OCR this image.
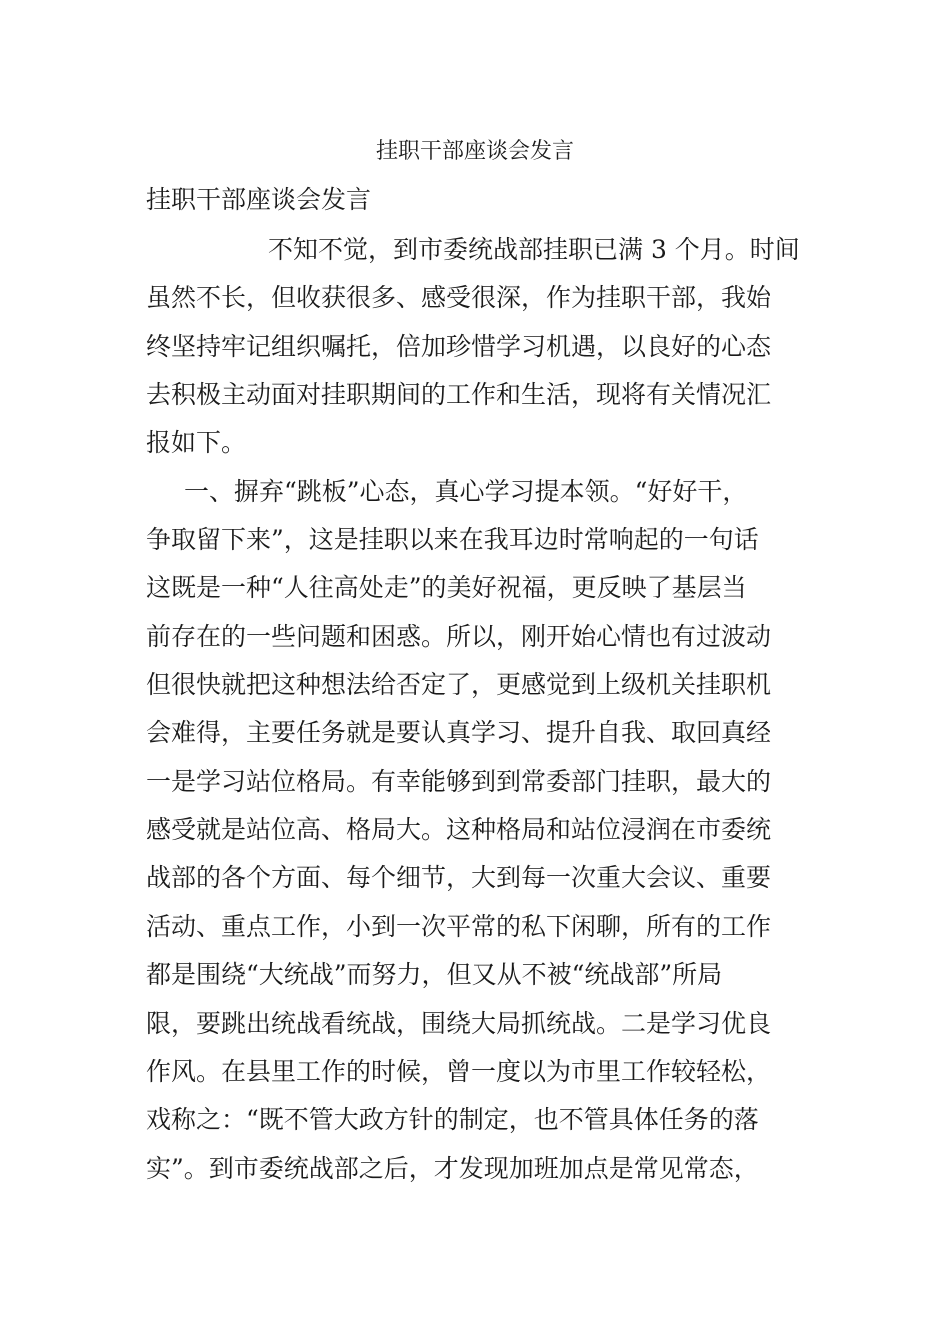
挂职干部座谈会发言
挂职干部座谈会发言
不知不觉，到市委统战部挂职已满 3 个月。时间
虽然不长，但收获很多、感受很深，作为挂职干部，我始
终坚持牢记组织嘱托，倍加珍惜学习机遇，以良好的心态
去积极主动面对挂职期间的工作和生活，现将有关情况汇
报如下。
一、摒弃“跳板”心态，真心学习提本领。“好好干，
争取留下来”，这是挂职以来在我耳边时常响起的一句话
这既是一种“人往高处走”的美好祝福，更反映了基层当
前存在的一些问题和困惑。所以，刚开始心情也有过波动
但很快就把这种想法给否定了，更感觉到上级机关挂职机
会难得，主要任务就是要认真学习、提升自我、取回真经
一是学习站位格局。有幸能够到到常委部门挂职，最大的
感受就是站位高、格局大。这种格局和站位浸润在市委统
战部的各个方面、每个细节，大到每一次重大会议、重要
活动、重点工作，小到一次平常的私下闲聊，所有的工作
都是围绕“大统战”而努力，但又从不被“统战部”所局
限，要跳出统战看统战，围绕大局抓统战。二是学习优良
作风。在县里工作的时候，曾一度以为市里工作较轻松，
戏称之：“既不管大政方针的制定，也不管具体任务的落
实”。到市委统战部之后，才发现加班加点是常见常态，
